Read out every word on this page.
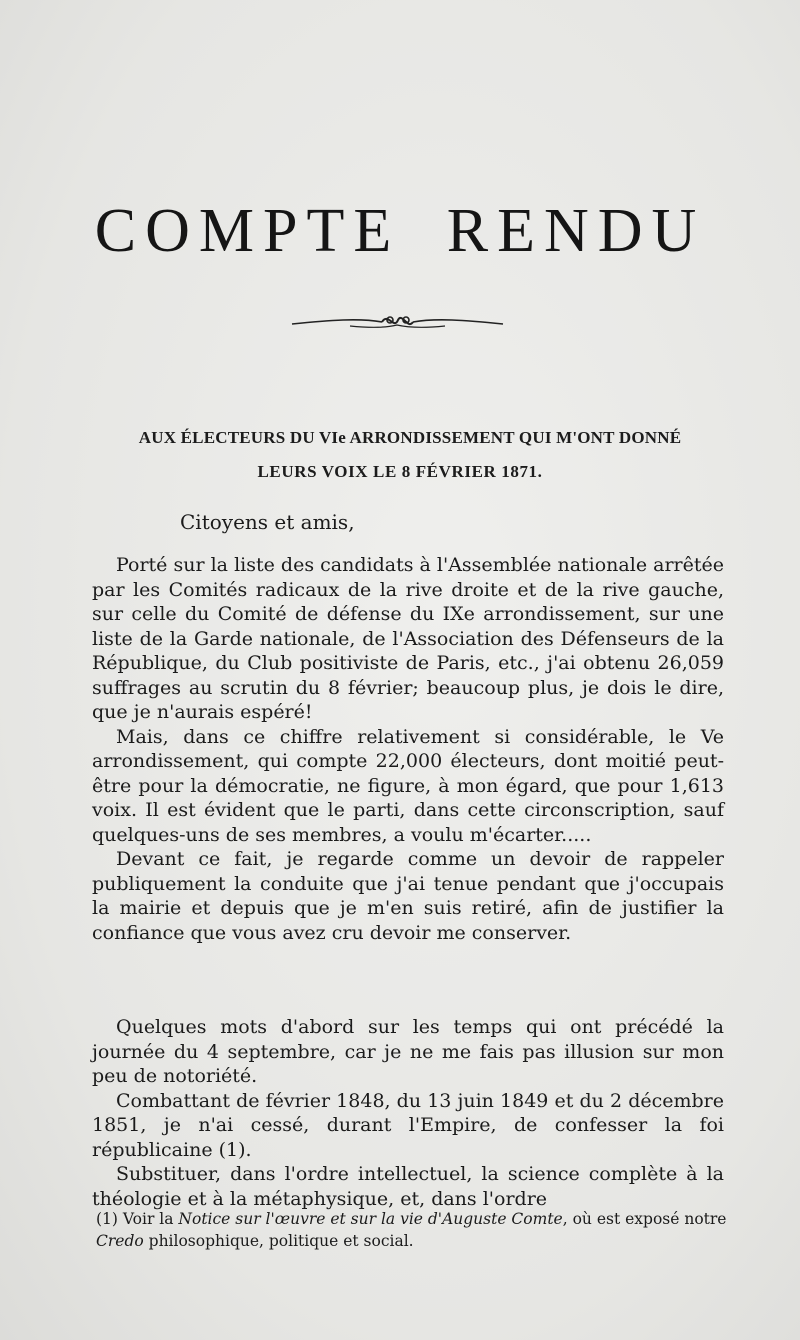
COMPTE RENDU

AUX ÉLECTEURS DU VIe ARRONDISSEMENT QUI M'ONT DONNÉ

LEURS VOIX LE 8 FÉVRIER 1871.

Citoyens et amis,

Porté sur la liste des candidats à l'Assemblée nationale arrêtée par les Comités radicaux de la rive droite et de la rive gauche, sur celle du Comité de défense du IXe arrondissement, sur une liste de la Garde nationale, de l'Association des Défenseurs de la République, du Club positiviste de Paris, etc., j'ai obtenu 26,059 suffrages au scrutin du 8 février; beaucoup plus, je dois le dire, que je n'aurais espéré!

Mais, dans ce chiffre relativement si considérable, le Ve arrondissement, qui compte 22,000 électeurs, dont moitié peut-être pour la démocratie, ne figure, à mon égard, que pour 1,613 voix. Il est évident que le parti, dans cette circonscription, sauf quelques-uns de ses membres, a voulu m'écarter.....

Devant ce fait, je regarde comme un devoir de rappeler publiquement la conduite que j'ai tenue pendant que j'occupais la mairie et depuis que je m'en suis retiré, afin de justifier la confiance que vous avez cru devoir me conserver.

Quelques mots d'abord sur les temps qui ont précédé la journée du 4 septembre, car je ne me fais pas illusion sur mon peu de notoriété.

Combattant de février 1848, du 13 juin 1849 et du 2 décembre 1851, je n'ai cessé, durant l'Empire, de confesser la foi républicaine (1).

Substituer, dans l'ordre intellectuel, la science complète à la théologie et à la métaphysique, et, dans l'ordre

(1) Voir la Notice sur l'œuvre et sur la vie d'Auguste Comte, où est exposé notre Credo philosophique, politique et social.
